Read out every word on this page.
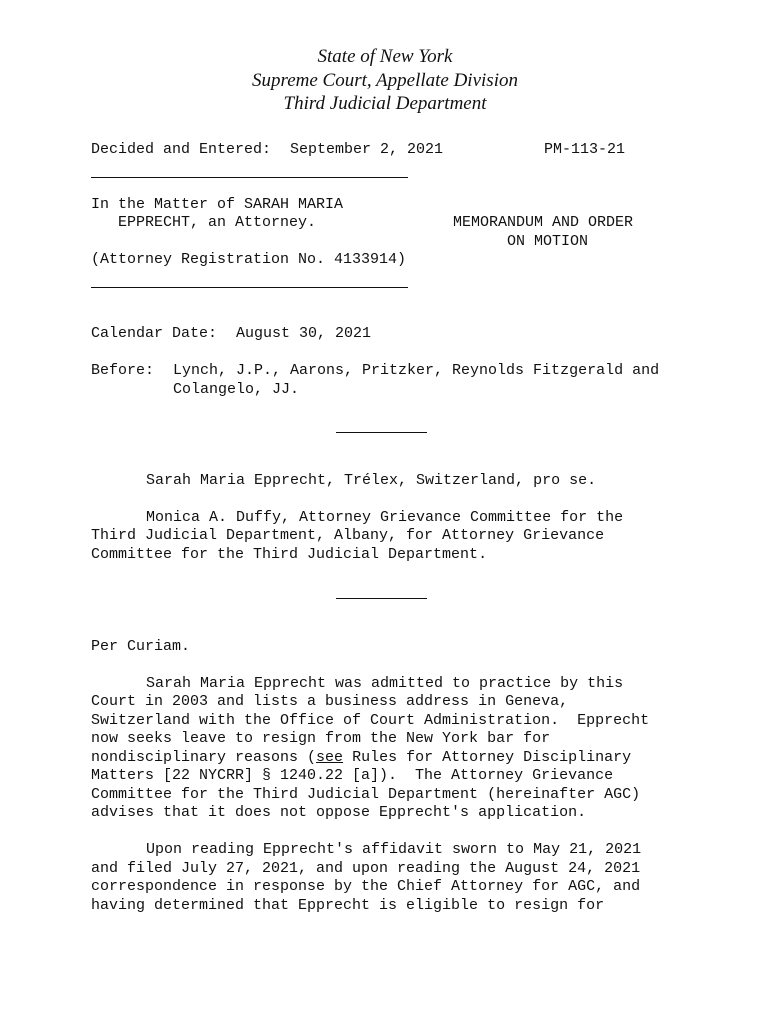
State of New York
Supreme Court, Appellate Division
Third Judicial Department
Decided and Entered: September 2, 2021	PM-113-21
In the Matter of SARAH MARIA
EPPRECHT, an Attorney.	MEMORANDUM AND ORDER
ON MOTION
(Attorney Registration No. 4133914)
Calendar Date: August 30, 2021
Before: Lynch, J.P., Aarons, Pritzker, Reynolds Fitzgerald and
Colangelo, JJ.
Sarah Maria Epprecht, Trélex, Switzerland, pro se.
Monica A. Duffy, Attorney Grievance Committee for the
Third Judicial Department, Albany, for Attorney Grievance
Committee for the Third Judicial Department.
Per Curiam.
Sarah Maria Epprecht was admitted to practice by this
Court in 2003 and lists a business address in Geneva,
Switzerland with the Office of Court Administration.  Epprecht
now seeks leave to resign from the New York bar for
nondisciplinary reasons (see Rules for Attorney Disciplinary
Matters [22 NYCRR] § 1240.22 [a]).  The Attorney Grievance
Committee for the Third Judicial Department (hereinafter AGC)
advises that it does not oppose Epprecht's application.
Upon reading Epprecht's affidavit sworn to May 21, 2021
and filed July 27, 2021, and upon reading the August 24, 2021
correspondence in response by the Chief Attorney for AGC, and
having determined that Epprecht is eligible to resign for
